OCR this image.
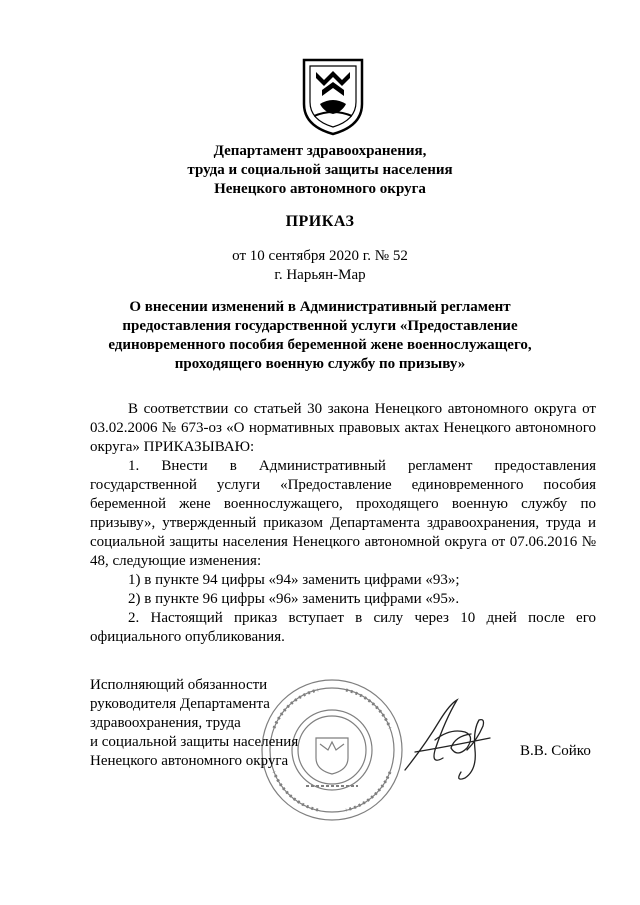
Департамент здравоохранения,
труда и социальной защиты населения
Ненецкого автономного округа
ПРИКАЗ
от 10 сентября 2020 г. № 52
г. Нарьян-Мар
О внесении изменений в Административный регламент
предоставления государственной услуги «Предоставление
единовременного пособия беременной жене военнослужащего,
проходящего военную службу по призыву»

В соответствии со статьей 30 закона Ненецкого автономного округа от 03.02.2006 № 673-оз «О нормативных правовых актах Ненецкого автономного округа» ПРИКАЗЫВАЮ:

1. Внести в Административный регламент предоставления государственной услуги «Предоставление единовременного пособия беременной жене военнослужащего, проходящего военную службу по призыву», утвержденный приказом Департамента здравоохранения, труда и социальной защиты населения Ненецкого автономной округа от 07.06.2016 № 48, следующие изменения:

1) в пункте 94 цифры «94» заменить цифрами «93»;

2) в пункте 96 цифры «96» заменить цифрами «95».

2. Настоящий приказ вступает в силу через 10 дней после его официального опубликования.

Исполняющий обязанности
руководителя Департамента
здравоохранения, труда
и социальной защиты населения
Ненецкого автономного округа
В.В. Сойко
